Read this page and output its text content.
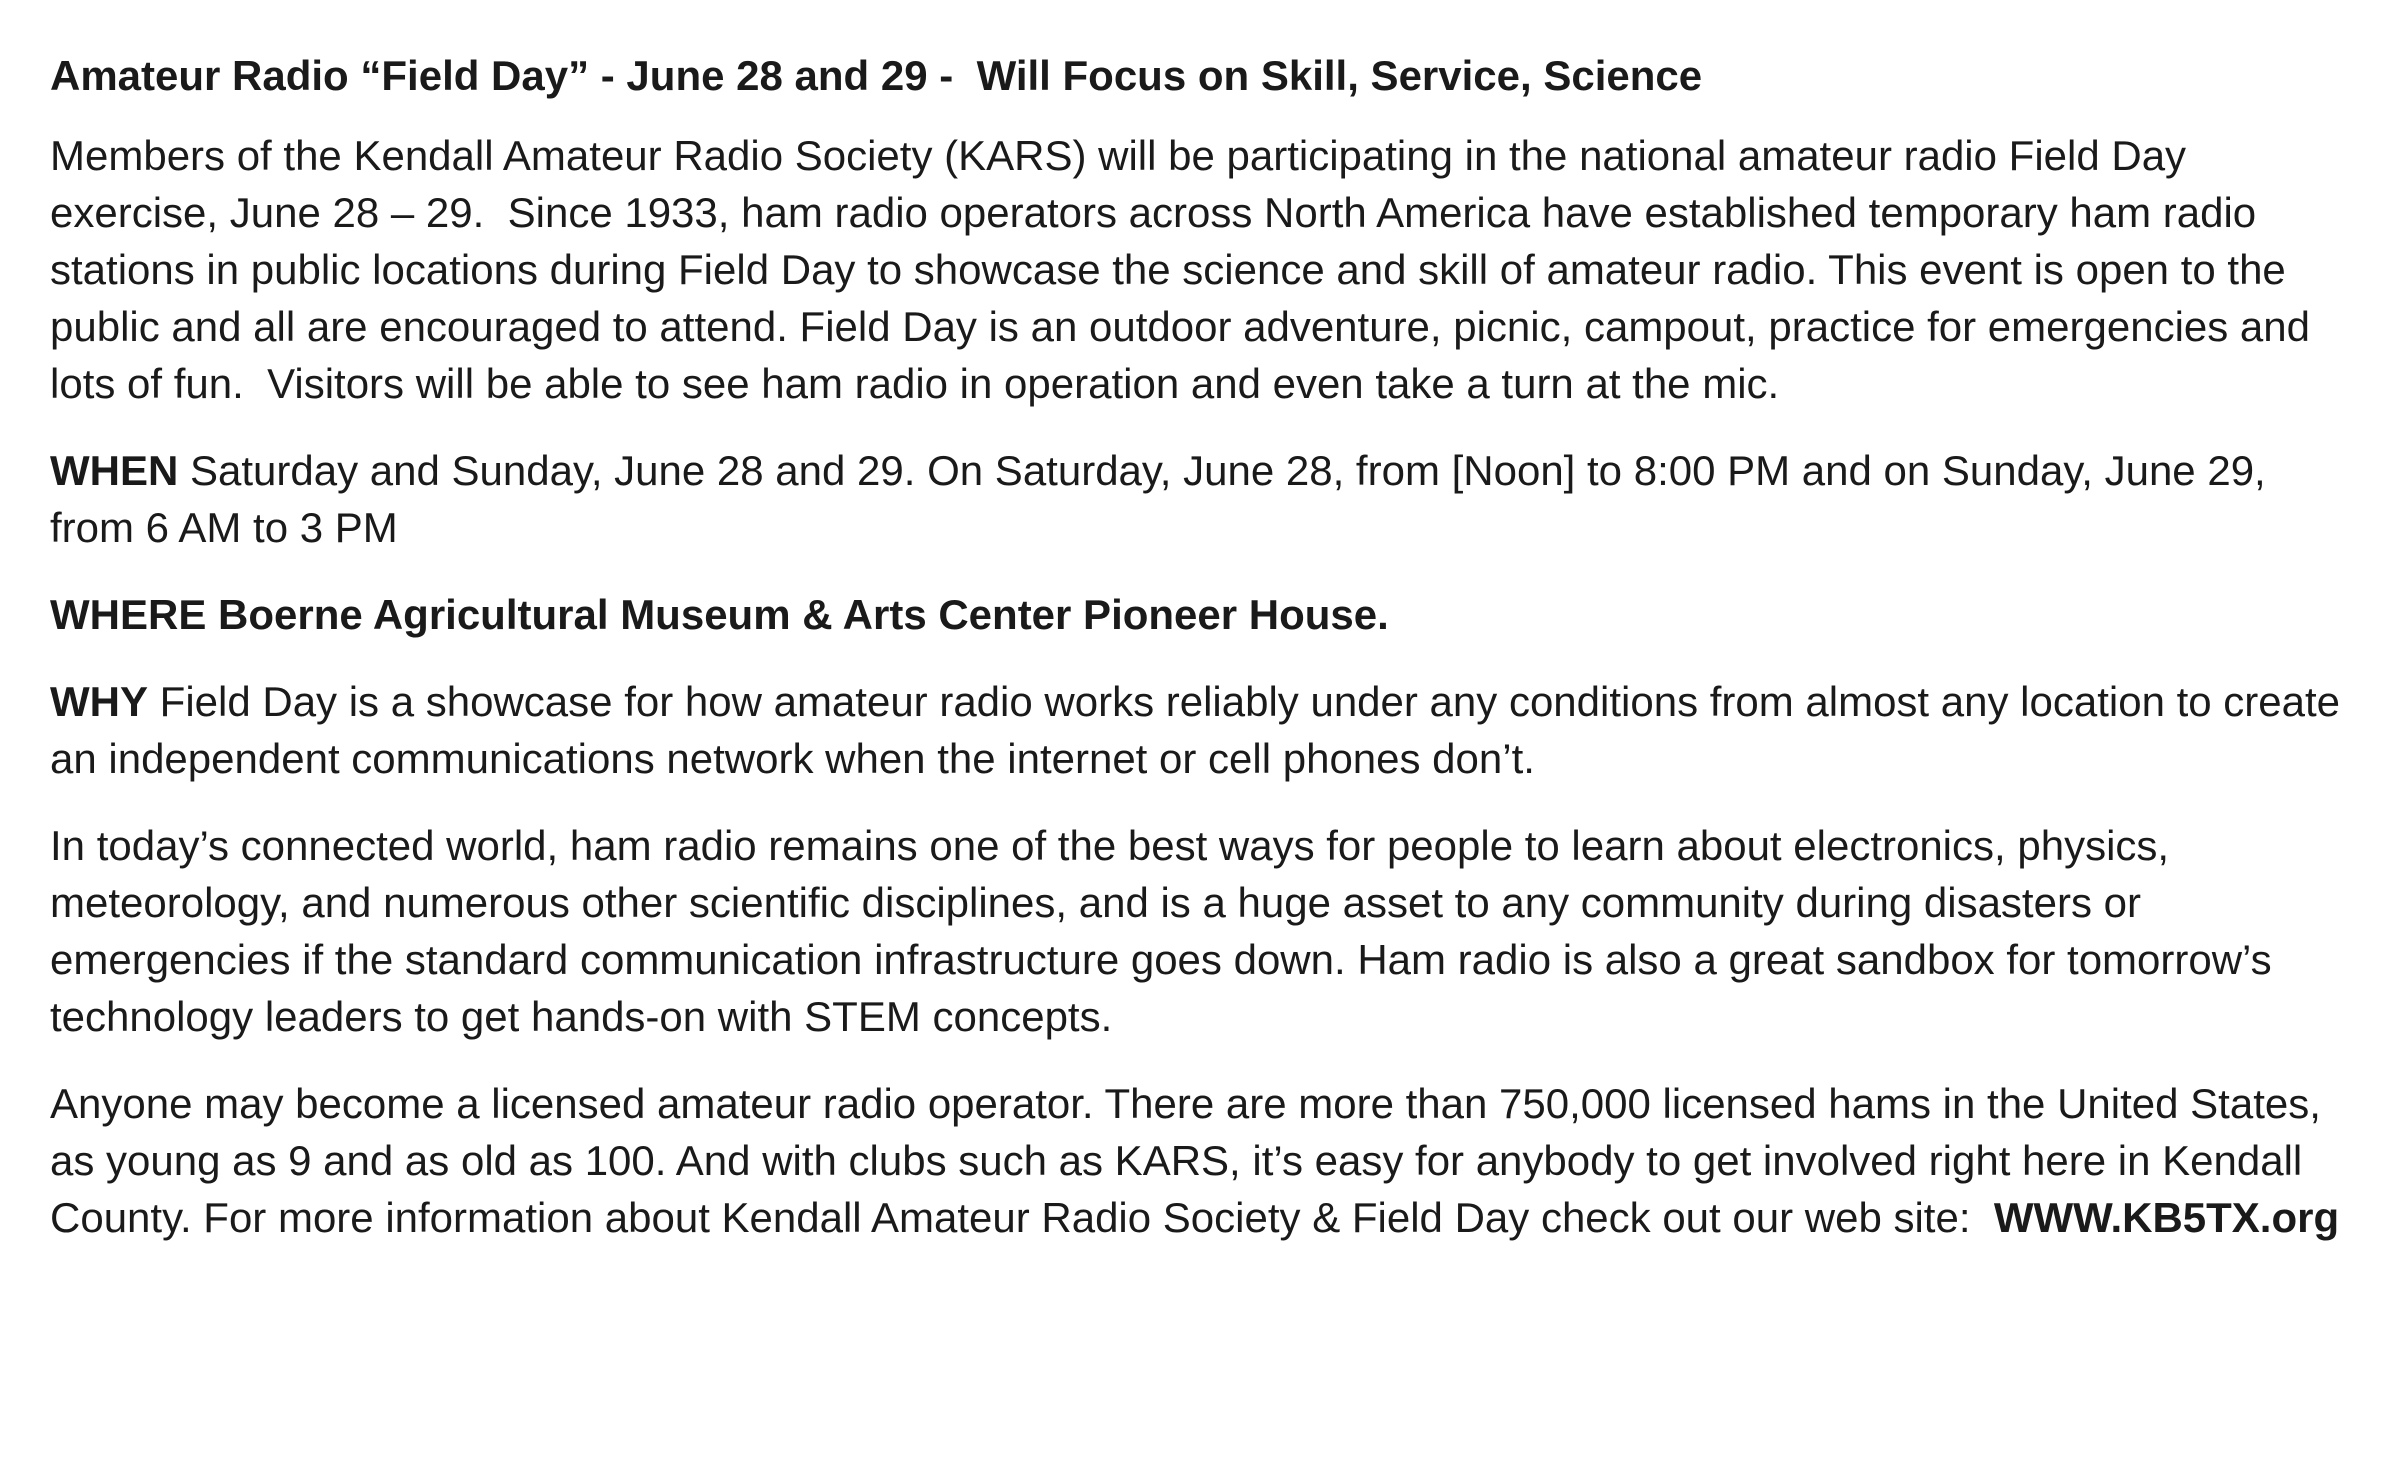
Amateur Radio “Field Day” - June 28 and 29 -  Will Focus on Skill, Service, Science

Members of the Kendall Amateur Radio Society (KARS) will be participating in the national amateur radio Field Day exercise, June 28 – 29.  Since 1933, ham radio operators across North America have established temporary ham radio stations in public locations during Field Day to showcase the science and skill of amateur radio. This event is open to the public and all are encouraged to attend. Field Day is an outdoor adventure, picnic, campout, practice for emergencies and lots of fun.  Visitors will be able to see ham radio in operation and even take a turn at the mic.

WHEN Saturday and Sunday, June 28 and 29. On Saturday, June 28, from [Noon] to 8:00 PM and on Sunday, June 29, from 6 AM to 3 PM

WHERE Boerne Agricultural Museum & Arts Center Pioneer House.

WHY Field Day is a showcase for how amateur radio works reliably under any conditions from almost any location to create an independent communications network when the internet or cell phones don’t.

In today’s connected world, ham radio remains one of the best ways for people to learn about electronics, physics, meteorology, and numerous other scientific disciplines, and is a huge asset to any community during disasters or emergencies if the standard communication infrastructure goes down. Ham radio is also a great sandbox for tomorrow’s technology leaders to get hands-on with STEM concepts.

Anyone may become a licensed amateur radio operator. There are more than 750,000 licensed hams in the United States, as young as 9 and as old as 100. And with clubs such as KARS, it’s easy for anybody to get involved right here in Kendall County. For more information about Kendall Amateur Radio Society & Field Day check out our web site:  WWW.KB5TX.org
